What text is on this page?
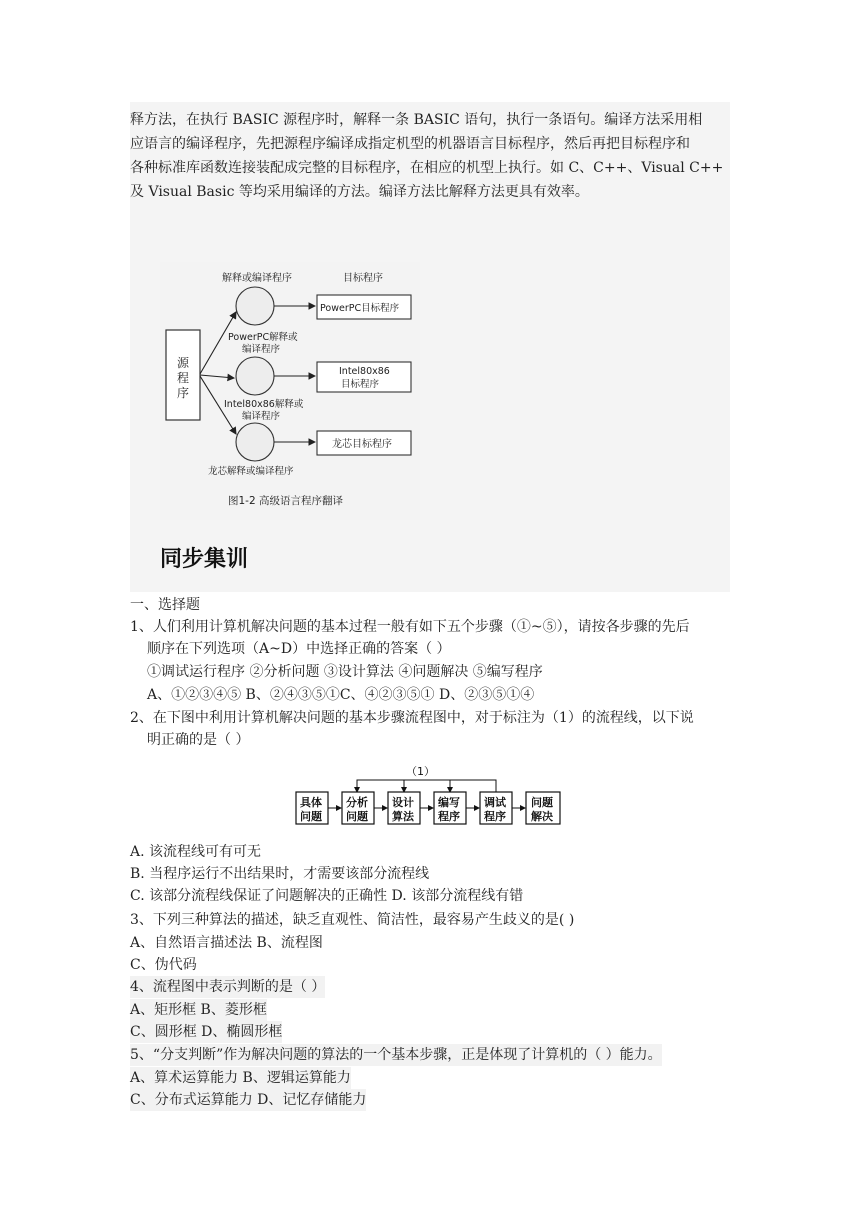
释方法，在执行 BASIC 源程序时，解释一条 BASIC 语句，执行一条语句。编译方法采用相
应语言的编译程序，先把源程序编译成指定机型的机器语言目标程序，然后再把目标程序和
各种标准库函数连接装配成完整的目标程序，在相应的机型上执行。如 C、C++、Visual C++
及 Visual Basic 等均采用编译的方法。编译方法比解释方法更具有效率。
解释或编译程序	目标程序
源
程
序
PowerPC解释或
编译程序
Intel80x86解释或
编译程序
龙芯解释或编译程序
PowerPC目标程序
Intel80x86
目标程序
龙芯目标程序
图1-2 高级语言程序翻译
同步集训
一、选择题
1、人们利用计算机解决问题的基本过程一般有如下五个步骤（①~⑤），请按各步骤的先后
顺序在下列选项（A~D）中选择正确的答案（ ）
①调试运行程序 ②分析问题 ③设计算法 ④问题解决 ⑤编写程序
A、①②③④⑤ B、②④③⑤①C、④②③⑤① D、②③⑤①④
2、在下图中利用计算机解决问题的基本步骤流程图中，对于标注为（1）的流程线，以下说
明正确的是（ ）
（1）
具体
问题
分析
问题
设计
算法
编写
程序
调试
程序
问题
解决
A. 该流程线可有可无
B. 当程序运行不出结果时，才需要该部分流程线
C. 该部分流程线保证了问题解决的正确性 D. 该部分流程线有错
3、下列三种算法的描述，缺乏直观性、简洁性，最容易产生歧义的是( )
A、自然语言描述法 B、流程图
C、伪代码
4、流程图中表示判断的是（ ）
A、矩形框 B、菱形框
C、圆形框 D、椭圆形框
5、“分支判断”作为解决问题的算法的一个基本步骤，正是体现了计算机的（ ）能力。
A、算术运算能力 B、逻辑运算能力
C、分布式运算能力 D、记忆存储能力
